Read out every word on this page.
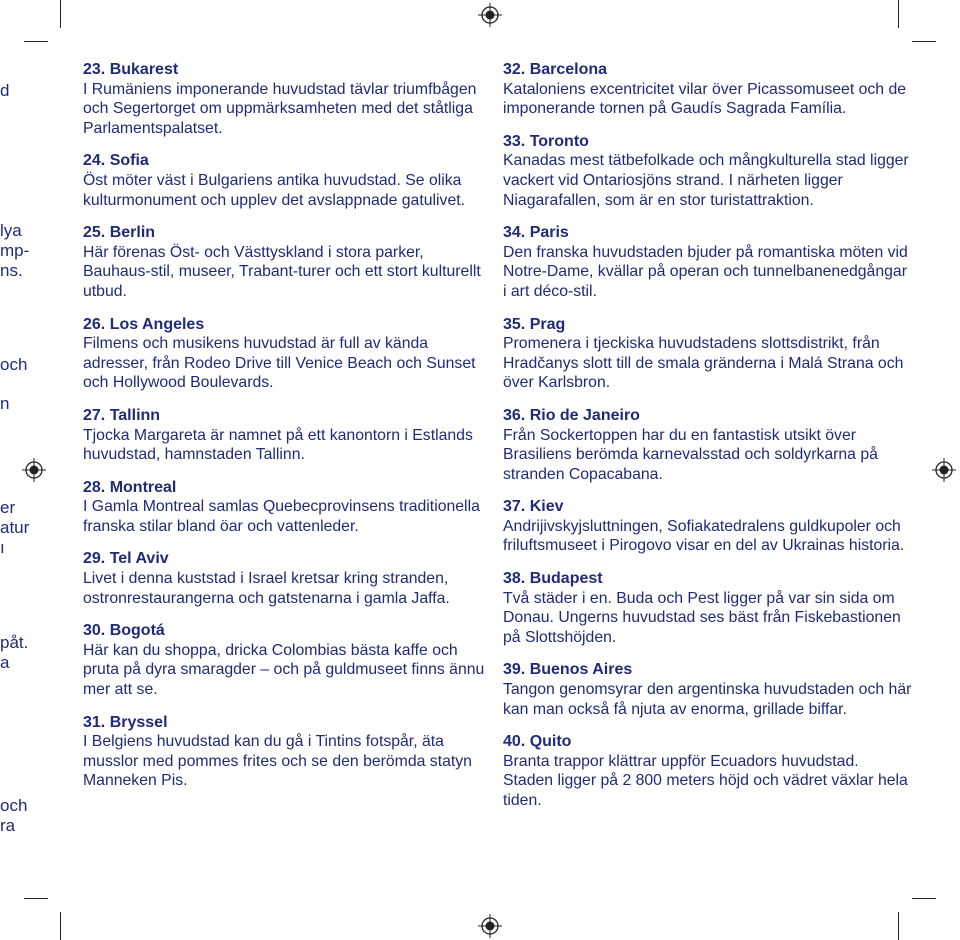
d
lya
mp-
ns.
och
n
er
atur
ı
påt.
a
och
ra
23. Bukarest
I Rumäniens imponerande huvudstad tävlar triumfbågen och Segertorget om uppmärksamheten med det ståtliga Parlamentspalatset.
24. Sofia
Öst möter väst i Bulgariens antika huvudstad. Se olika kulturmonument och upplev det avslappnade gatulivet.
25. Berlin
Här förenas Öst- och Västtyskland i stora parker, Bauhaus-stil, museer, Trabant-turer och ett stort kulturellt utbud.
26. Los Angeles
Filmens och musikens huvudstad är full av kända adresser, från Rodeo Drive till Venice Beach och Sunset och Hollywood Boulevards.
27. Tallinn
Tjocka Margareta är namnet på ett kanontorn i Estlands huvudstad, hamnstaden Tallinn.
28. Montreal
I Gamla Montreal samlas Quebecprovinsens traditionella franska stilar bland öar och vattenleder.
29. Tel Aviv
Livet i denna kuststad i Israel kretsar kring stranden, ostronrestaurangerna och gatstenarna i gamla Jaffa.
30. Bogotá
Här kan du shoppa, dricka Colombias bästa kaffe och pruta på dyra smaragder – och på guldmuseet finns ännu mer att se.
31. Bryssel
I Belgiens huvudstad kan du gå i Tintins fotspår, äta musslor med pommes frites och se den berömda statyn Manneken Pis.
32. Barcelona
Kataloniens excentricitet vilar över Picassomuseet och de imponerande tornen på Gaudís Sagrada Família.
33. Toronto
Kanadas mest tätbefolkade och mångkulturella stad ligger vackert vid Ontariosjöns strand. I närheten ligger Niagarafallen, som är en stor turistattraktion.
34. Paris
Den franska huvudstaden bjuder på romantiska möten vid Notre-Dame, kvällar på operan och tunnelbanenedgångar i art déco-stil.
35. Prag
Promenera i tjeckiska huvudstadens slottsdistrikt, från Hradčanys slott till de smala gränderna i Malá Strana och över Karlsbron.
36. Rio de Janeiro
Från Sockertoppen har du en fantastisk utsikt över Brasiliens berömda karnevalsstad och soldyrkarna på stranden Copacabana.
37. Kiev
Andrijivskyjsluttningen, Sofiakatedralens guldkupoler och friluftsmuseet i Pirogovo visar en del av Ukrainas historia.
38. Budapest
Två städer i en. Buda och Pest ligger på var sin sida om Donau. Ungerns huvudstad ses bäst från Fiskebastionen på Slottshöjden.
39. Buenos Aires
Tangon genomsyrar den argentinska huvudstaden och här kan man också få njuta av enorma, grillade biffar.
40. Quito
Branta trappor klättrar uppför Ecuadors huvudstad. Staden ligger på 2 800 meters höjd och vädret växlar hela tiden.
